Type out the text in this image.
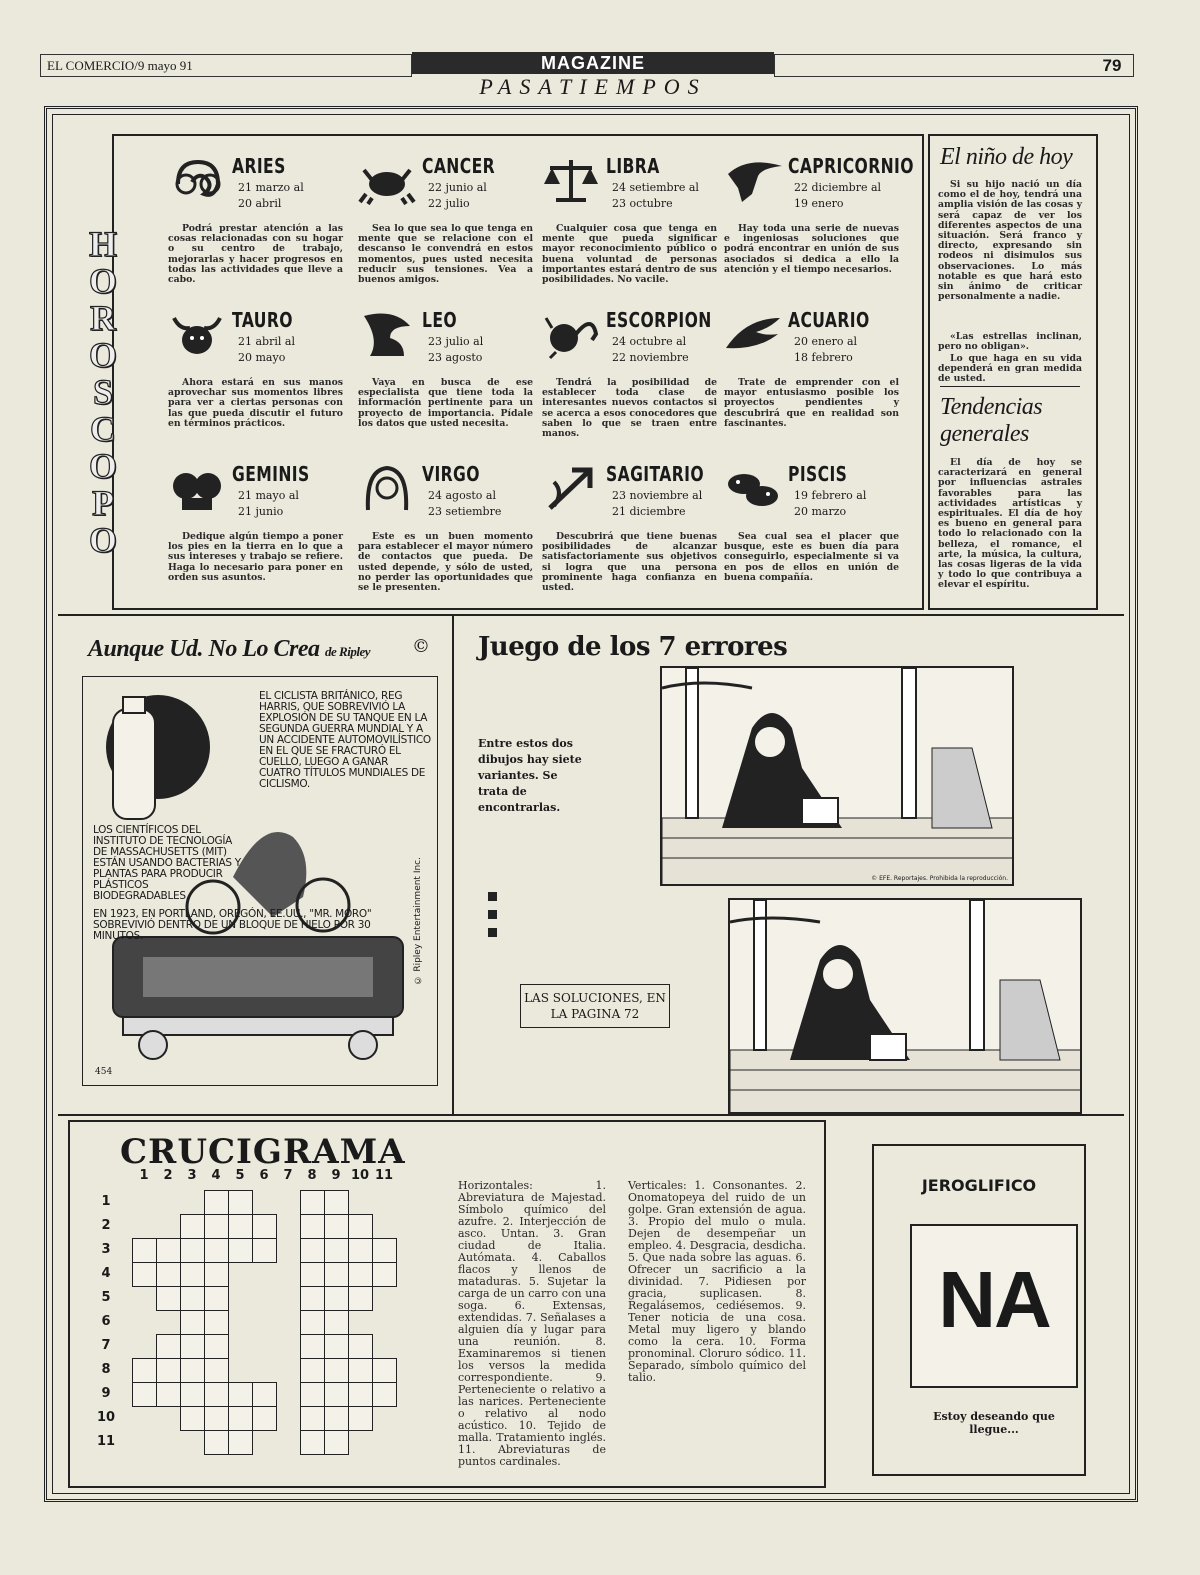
EL COMERCIO/9 mayo 91	MAGAZINE
PASATIEMPOS
79
H
O
R
O
S
C
O
P
O
ARIES
21 marzo al
20 abril
Podrá prestar atención a las cosas relacionadas con su hogar o su centro de trabajo, mejorarlas y hacer progresos en todas las actividades que lleve a cabo.
CANCER
22 junio al
22 julio
Sea lo que sea lo que tenga en mente que se relacione con el descanso le convendrá en estos momentos, pues usted necesita reducir sus tensiones. Vea a buenos amigos.
LIBRA
24 setiembre al
23 octubre
Cualquier cosa que tenga en mente que pueda significar mayor reconocimiento público o buena voluntad de personas importantes estará dentro de sus posibilidades. No vacile.
CAPRICORNIO
22 diciembre al
19 enero
Hay toda una serie de nuevas e ingeniosas soluciones que podrá encontrar en unión de sus asociados si dedica a ello la atención y el tiempo necesarios.
TAURO
21 abril al
20 mayo
Ahora estará en sus manos aprovechar sus momentos libres para ver a ciertas personas con las que pueda discutir el futuro en términos prácticos.
LEO
23 julio al
23 agosto
Vaya en busca de ese especialista que tiene toda la información pertinente para un proyecto de importancia. Pídale los datos que usted necesita.
ESCORPION
24 octubre al
22 noviembre
Tendrá la posibilidad de establecer toda clase de interesantes nuevos contactos si se acerca a esos conocedores que saben lo que se traen entre manos.
ACUARIO
20 enero al
18 febrero
Trate de emprender con el mayor entusiasmo posible los proyectos pendientes y descubrirá que en realidad son fascinantes.
GEMINIS
21 mayo al
21 junio
Dedique algún tiempo a poner los pies en la tierra en lo que a sus intereses y trabajo se refiere. Haga lo necesario para poner en orden sus asuntos.
VIRGO
24 agosto al
23 setiembre
Este es un buen momento para establecer el mayor número de contactos que pueda. De usted depende, y sólo de usted, no perder las oportunidades que se le presenten.
SAGITARIO
23 noviembre al
21 diciembre
Descubrirá que tiene buenas posibilidades de alcanzar satisfactoriamente sus objetivos si logra que una persona prominente haga confianza en usted.
PISCIS
19 febrero al
20 marzo
Sea cual sea el placer que busque, este es buen día para conseguirlo, especialmente si va en pos de ellos en unión de buena compañía.
El niño de hoy
Si su hijo nació un día como el de hoy, tendrá una amplia visión de las cosas y será capaz de ver los diferentes aspectos de una situación. Será franco y directo, expresando sin rodeos ni disimulos sus observaciones. Lo más notable es que hará esto sin ánimo de criticar personalmente a nadie.
«Las estrellas inclinan, pero no obligan».
Lo que haga en su vida dependerá en gran medida de usted.
Tendencias
generales
El día de hoy se caracterizará en general por influencias astrales favorables para las actividades artísticas y espirituales. El día de hoy es bueno en general para todo lo relacionado con la belleza, el romance, el arte, la música, la cultura, las cosas ligeras de la vida y todo lo que contribuya a elevar el espíritu.
Aunque Ud. No Lo Crea de Ripley ©
EL CICLISTA BRITÁNICO, REG HARRIS, QUE SOBREVIVIÓ LA EXPLOSIÓN DE SU TANQUE EN LA SEGUNDA GUERRA MUNDIAL Y A UN ACCIDENTE AUTOMOVILÍSTICO EN EL QUE SE FRACTURÓ EL CUELLO, LUEGO A GANAR CUATRO TÍTULOS MUNDIALES DE CICLISMO.
LOS CIENTÍFICOS DEL INSTITUTO DE TECNOLOGÍA DE MASSACHUSETTS (MIT) ESTÁN USANDO BACTERIAS Y PLANTAS PARA PRODUCIR PLÁSTICOS BIODEGRADABLES.
EN 1923, EN PORTLAND, OREGÓN, EE.UU., "MR. MORO" SOBREVIVIÓ DENTRO DE UN BLOQUE DE HIELO POR 30 MINUTOS.	© Ripley Entertainment Inc.
454
Juego de los 7 errores
Entre estos dos dibujos hay siete variantes. Se trata de encontrarlas.
LAS SOLUCIONES, EN LA PAGINA 72
© EFE. Reportajes. Prohibida la reproducción.
CRUCIGRAMA
1	2	3	4	5	6	7	8	9 10 11
1
2
3
4
5
6
7
8
9
10
11
Horizontales: 1. Abreviatura de Majestad. Símbolo químico del azufre. 2. Interjección de asco. Untan. 3. Gran ciudad de Italia. Autómata. 4. Caballos flacos y llenos de mataduras. 5. Sujetar la carga de un carro con una soga. 6. Extensas, extendidas. 7. Señalases a alguien día y lugar para una reunión. 8. Examinaremos si tienen los versos la medida correspondiente. 9. Perteneciente o relativo a las narices. Perteneciente o relativo al nodo acústico. 10. Tejido de malla. Tratamiento inglés. 11. Abreviaturas de puntos cardinales.
Verticales: 1. Consonantes. 2. Onomatopeya del ruido de un golpe. Gran extensión de agua. 3. Propio del mulo o mula. Dejen de desempeñar un empleo. 4. Desgracia, desdicha. 5. Que nada sobre las aguas. 6. Ofrecer un sacrificio a la divinidad. 7. Pidiesen por gracia, suplicasen. 8. Regalásemos, cediésemos. 9. Tener noticia de una cosa. Metal muy ligero y blando como la cera. 10. Forma pronominal. Cloruro sódico. 11. Separado, símbolo químico del talio.
JEROGLIFICO
NA
Estoy deseando que llegue...
